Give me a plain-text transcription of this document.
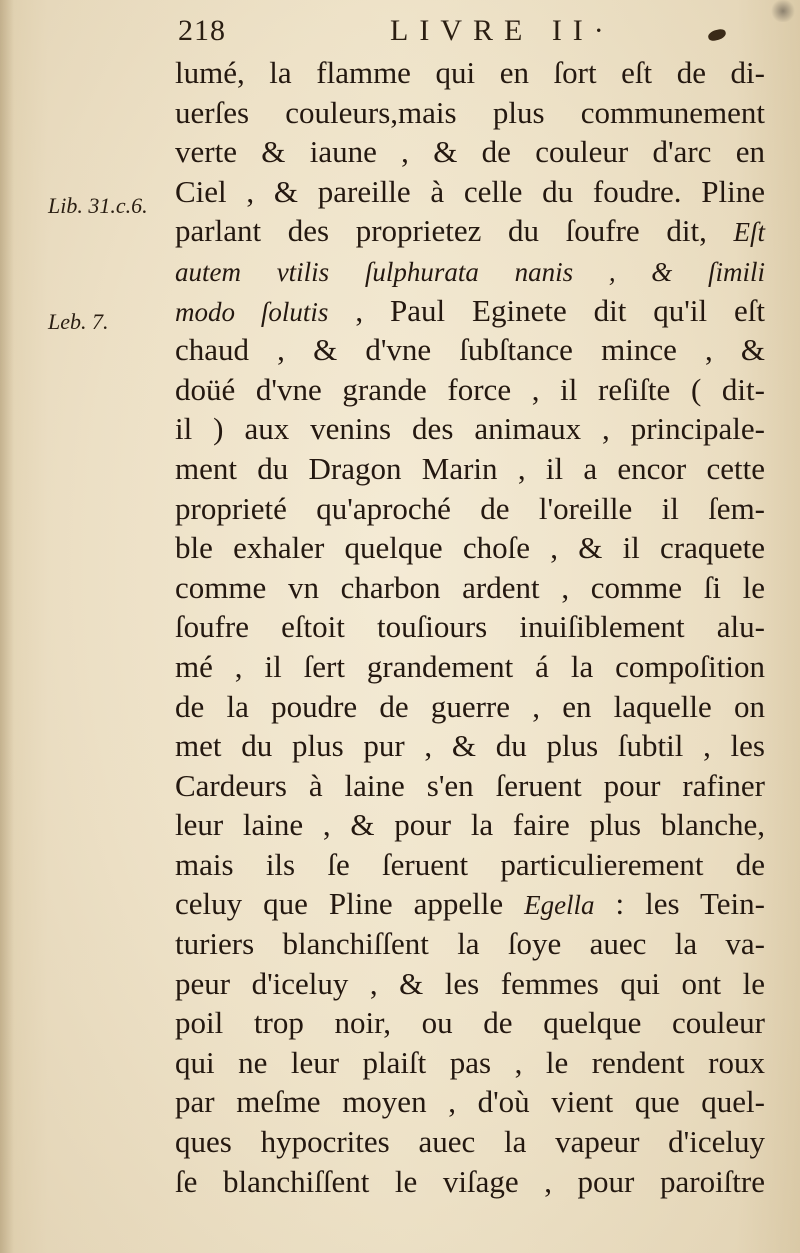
218	LIVRE II·
Lib. 31.c.6.
Leb. 7.
lumé, la flamme qui en ſort eſt de di-
uerſes couleurs,mais plus communement
verte & iaune , & de couleur d'arc en
Ciel , & pareille à celle du foudre. Pline
parlant des proprietez du ſoufre dit, Eſt
autem vtilis ſulphurata nanis , & ſimili
modo ſolutis , Paul Eginete dit qu'il eſt
chaud , & d'vne ſubſtance mince , &
doüé d'vne grande force , il reſiſte ( dit-
il ) aux venins des animaux , principale-
ment du Dragon Marin , il a encor cette
proprieté qu'aproché de l'oreille il ſem-
ble exhaler quelque choſe , & il craquete
comme vn charbon ardent , comme ſi le
ſoufre eſtoit touſiours inuiſiblement alu-
mé , il ſert grandement á la compoſition
de la poudre de guerre , en laquelle on
met du plus pur , & du plus ſubtil , les
Cardeurs à laine s'en ſeruent pour rafiner
leur laine , & pour la faire plus blanche,
mais ils ſe ſeruent particulierement de
celuy que Pline appelle Egella : les Tein-
turiers blanchiſſent la ſoye auec la va-
peur d'iceluy , & les femmes qui ont le
poil trop noir, ou de quelque couleur
qui ne leur plaiſt pas , le rendent roux
par meſme moyen , d'où vient que quel-
ques hypocrites auec la vapeur d'iceluy
ſe blanchiſſent le viſage , pour paroiſtre
